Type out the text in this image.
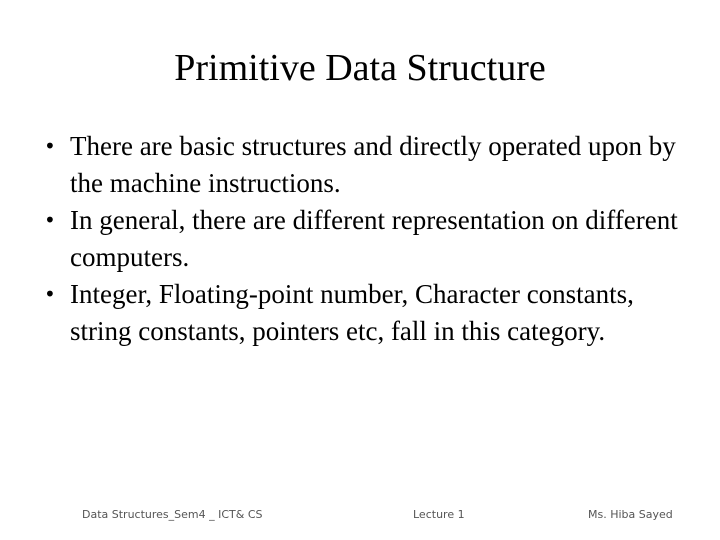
Primitive Data Structure
• There are basic structures and directly operated upon by the machine instructions.
• In general, there are different representation on different computers.
• Integer, Floating-point number, Character constants, string constants, pointers etc, fall in this category.
Data Structures_Sem4 _ ICT& CS	Lecture 1	Ms. Hiba Sayed
